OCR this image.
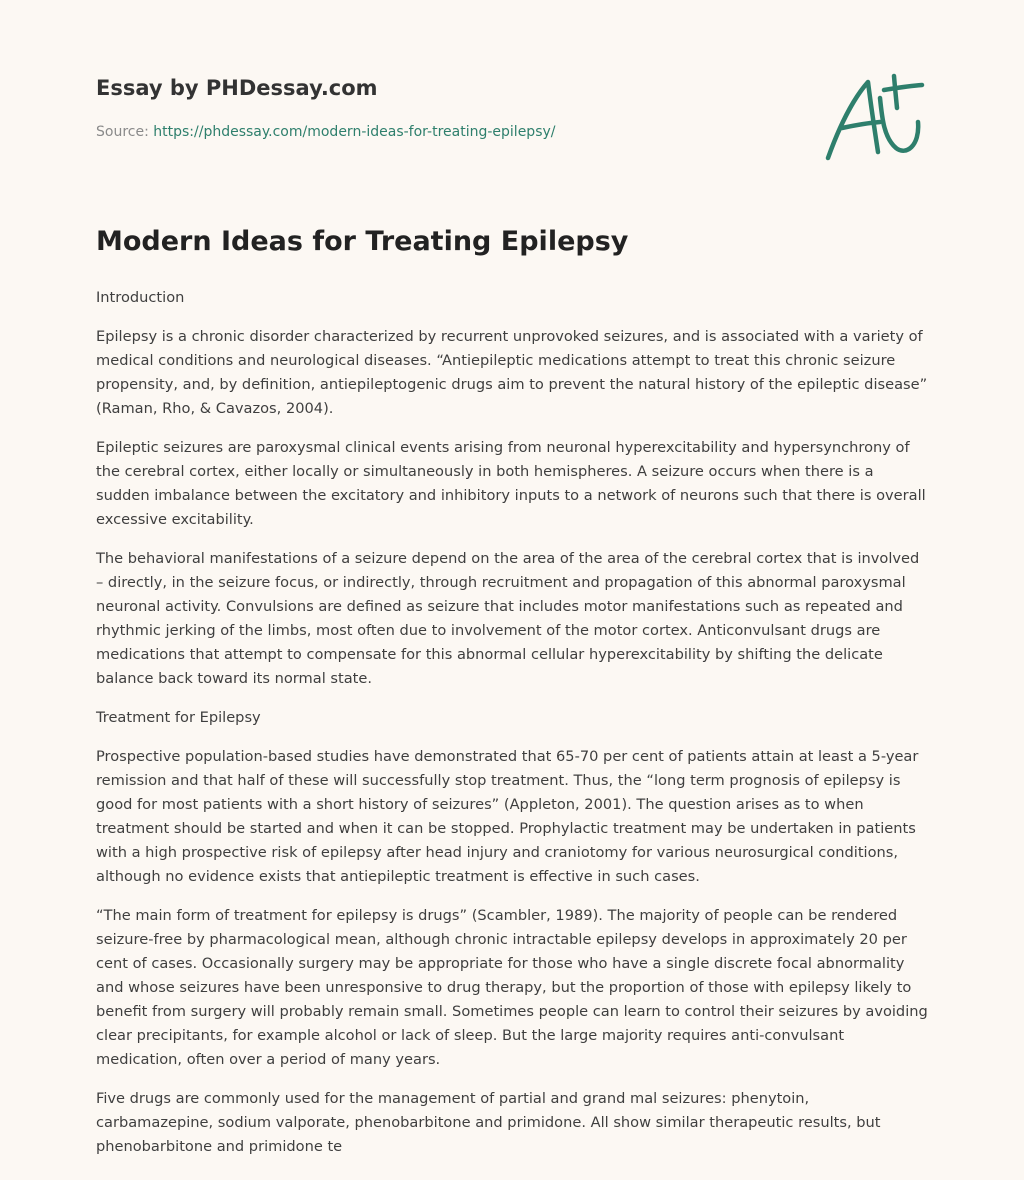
Essay by PHDessay.com
Source: https://phdessay.com/modern-ideas-for-treating-epilepsy/
Modern Ideas for Treating Epilepsy

Introduction

Epilepsy is a chronic disorder characterized by recurrent unprovoked seizures, and is associated with a variety of medical conditions and neurological diseases. “Antiepileptic medications attempt to treat this chronic seizure propensity, and, by definition, antiepileptogenic drugs aim to prevent the natural history of the epileptic disease” (Raman, Rho, & Cavazos, 2004).

Epileptic seizures are paroxysmal clinical events arising from neuronal hyperexcitability and hypersynchrony of the cerebral cortex, either locally or simultaneously in both hemispheres. A seizure occurs when there is a sudden imbalance between the excitatory and inhibitory inputs to a network of neurons such that there is overall excessive excitability.

The behavioral manifestations of a seizure depend on the area of the area of the cerebral cortex that is involved – directly, in the seizure focus, or indirectly, through recruitment and propagation of this abnormal paroxysmal neuronal activity. Convulsions are defined as seizure that includes motor manifestations such as repeated and rhythmic jerking of the limbs, most often due to involvement of the motor cortex. Anticonvulsant drugs are medications that attempt to compensate for this abnormal cellular hyperexcitability by shifting the delicate balance back toward its normal state.

Treatment for Epilepsy

Prospective population-based studies have demonstrated that 65-70 per cent of patients attain at least a 5-year remission and that half of these will successfully stop treatment. Thus, the “long term prognosis of epilepsy is good for most patients with a short history of seizures” (Appleton, 2001). The question arises as to when treatment should be started and when it can be stopped. Prophylactic treatment may be undertaken in patients with a high prospective risk of epilepsy after head injury and craniotomy for various neurosurgical conditions, although no evidence exists that antiepileptic treatment is effective in such cases.

“The main form of treatment for epilepsy is drugs” (Scambler, 1989). The majority of people can be rendered seizure-free by pharmacological mean, although chronic intractable epilepsy develops in approximately 20 per cent of cases. Occasionally surgery may be appropriate for those who have a single discrete focal abnormality and whose seizures have been unresponsive to drug therapy, but the proportion of those with epilepsy likely to benefit from surgery will probably remain small. Sometimes people can learn to control their seizures by avoiding clear precipitants, for example alcohol or lack of sleep. But the large majority requires anti-convulsant medication, often over a period of many years.

Five drugs are commonly used for the management of partial and grand mal seizures: phenytoin, carbamazepine, sodium valporate, phenobarbitone and primidone. All show similar therapeutic results, but phenobarbitone and primidone te
